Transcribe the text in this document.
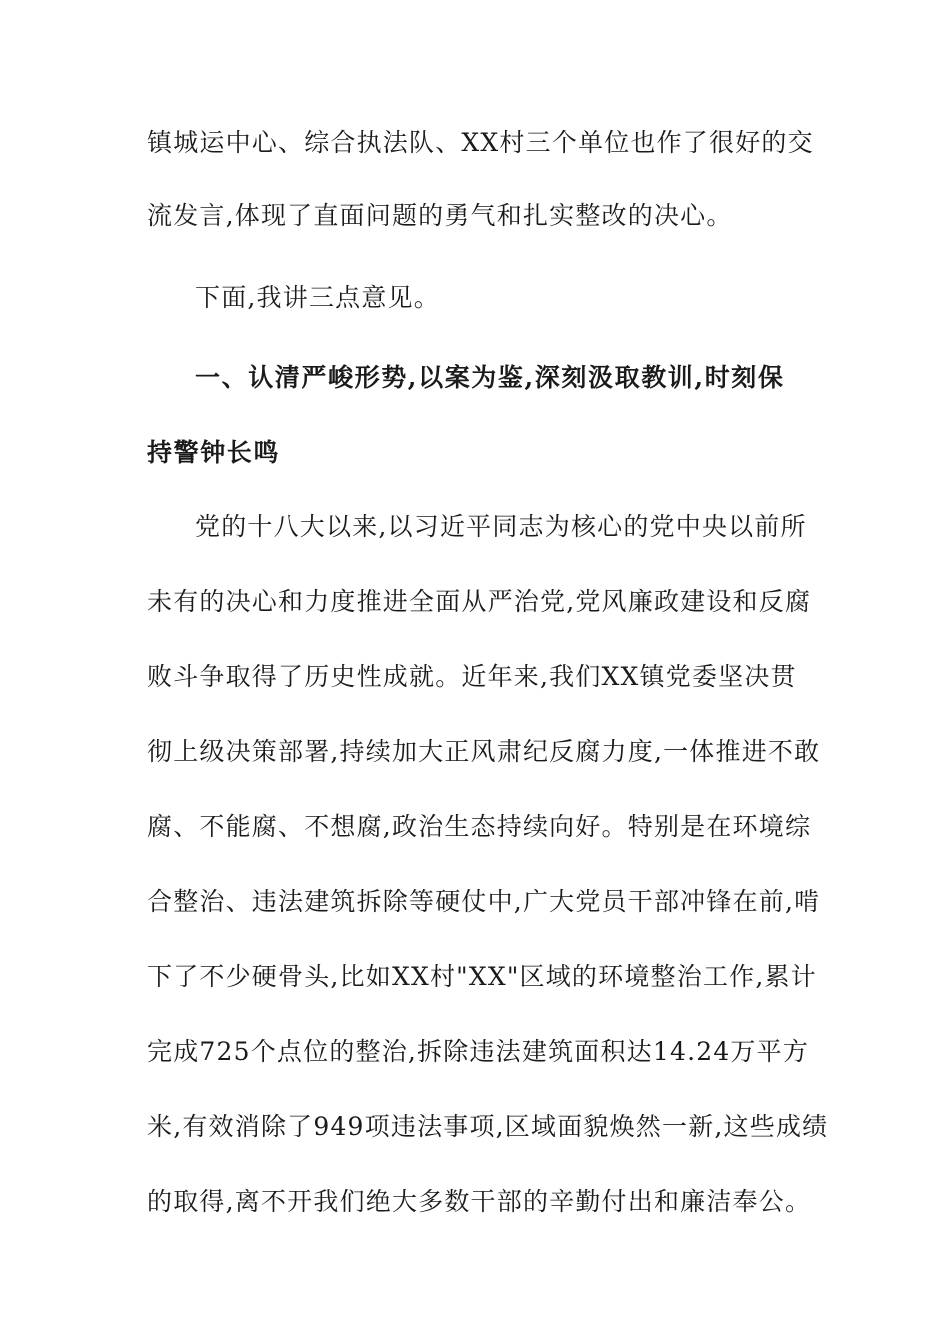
镇城运中心、综合执法队、XX村三个单位也作了很好的交
流发言,体现了直面问题的勇气和扎实整改的决心。
下面,我讲三点意见。
一、认清严峻形势,以案为鉴,深刻汲取教训,时刻保
持警钟长鸣
党的十八大以来,以习近平同志为核心的党中央以前所
未有的决心和力度推进全面从严治党,党风廉政建设和反腐
败斗争取得了历史性成就。近年来,我们XX镇党委坚决贯
彻上级决策部署,持续加大正风肃纪反腐力度,一体推进不敢
腐、不能腐、不想腐,政治生态持续向好。特别是在环境综
合整治、违法建筑拆除等硬仗中,广大党员干部冲锋在前,啃
下了不少硬骨头,比如XX村"XX"区域的环境整治工作,累计
完成725个点位的整治,拆除违法建筑面积达14.24万平方
米,有效消除了949项违法事项,区域面貌焕然一新,这些成绩
的取得,离不开我们绝大多数干部的辛勤付出和廉洁奉公。
